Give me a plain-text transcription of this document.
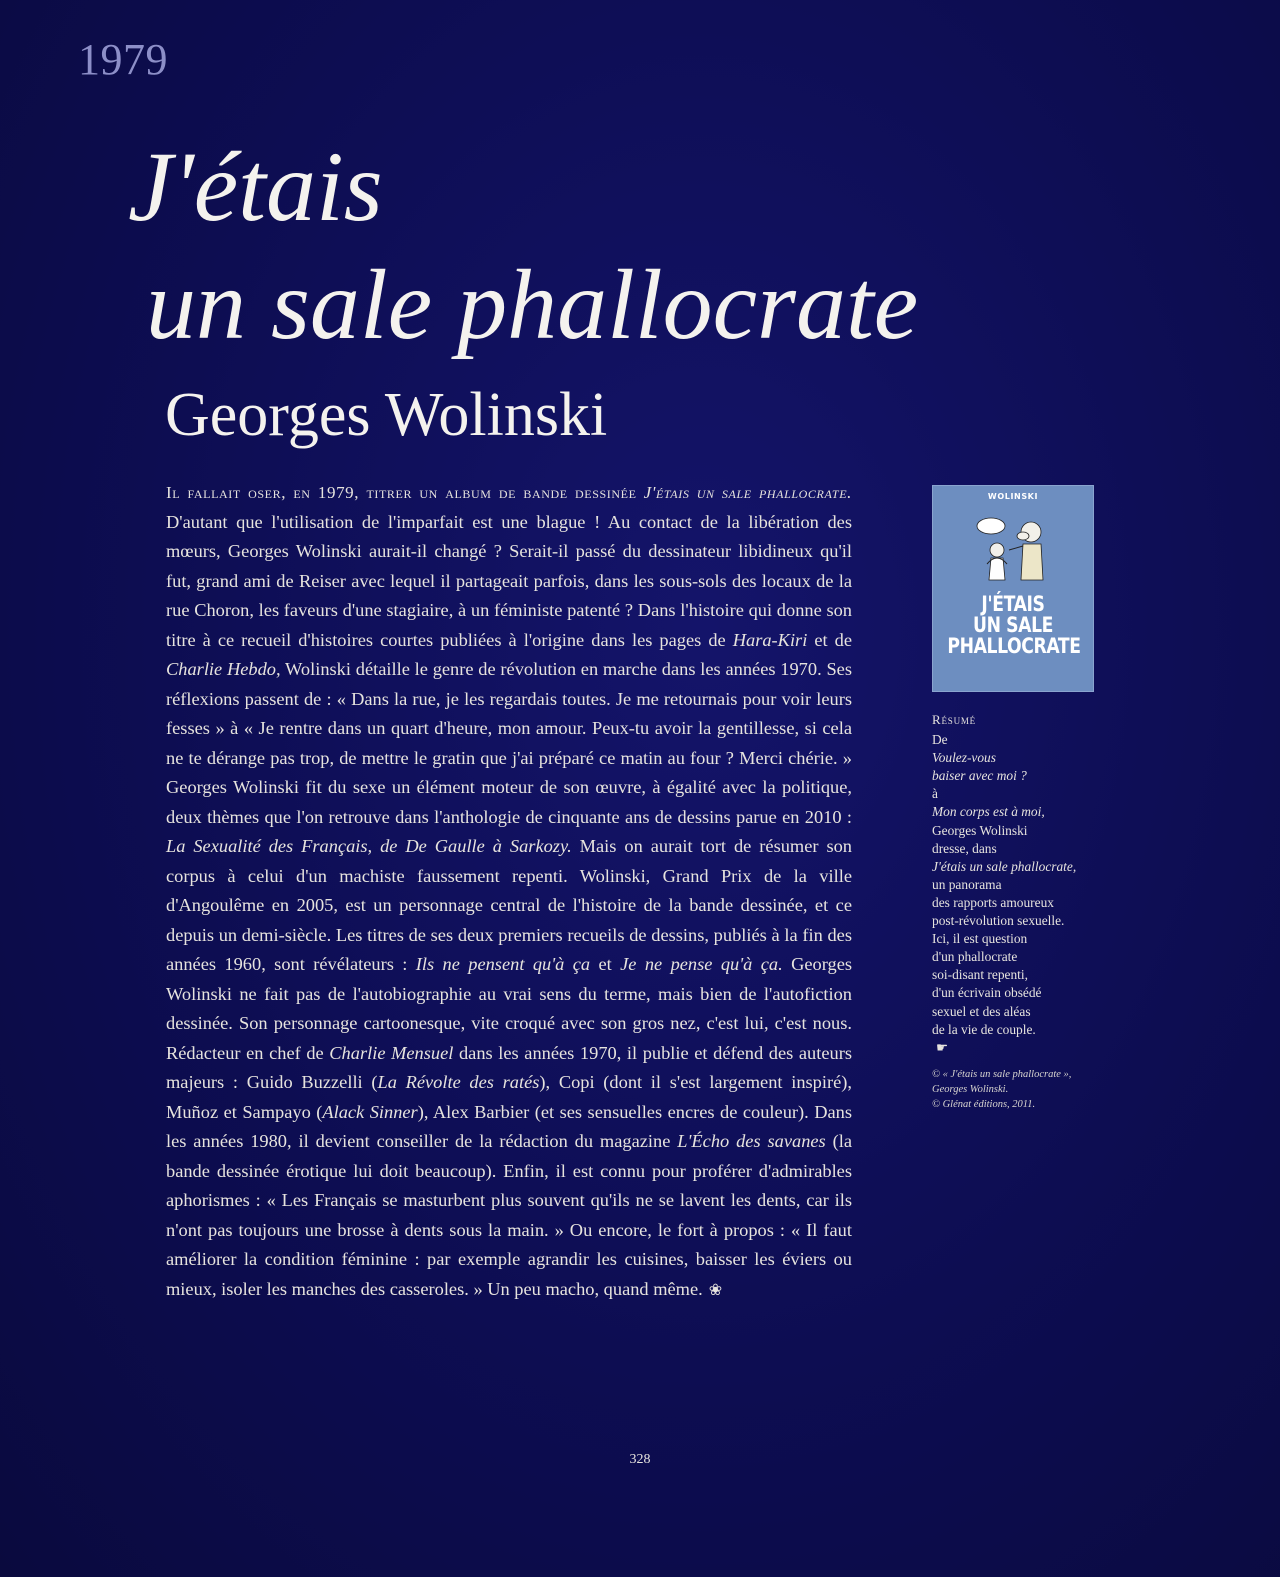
1979
J'étais
un sale phallocrate
Georges Wolinski

Il fallait oser, en 1979, titrer un album de bande dessinée J'étais un sale phallocrate. D'autant que l'utilisation de l'imparfait est une blague ! Au contact de la libération des mœurs, Georges Wolinski aurait-il changé ? Serait-il passé du dessinateur libidineux qu'il fut, grand ami de Reiser avec lequel il partageait parfois, dans les sous-sols des locaux de la rue Choron, les faveurs d'une stagiaire, à un féministe patenté ? Dans l'histoire qui donne son titre à ce recueil d'histoires courtes publiées à l'origine dans les pages de Hara-Kiri et de Charlie Hebdo, Wolinski détaille le genre de révolution en marche dans les années 1970. Ses réflexions passent de : « Dans la rue, je les regardais toutes. Je me retournais pour voir leurs fesses » à « Je rentre dans un quart d'heure, mon amour. Peux-tu avoir la gentillesse, si cela ne te dérange pas trop, de mettre le gratin que j'ai préparé ce matin au four ? Merci chérie. » Georges Wolinski fit du sexe un élément moteur de son œuvre, à égalité avec la politique, deux thèmes que l'on retrouve dans l'anthologie de cinquante ans de dessins parue en 2010 : La Sexualité des Français, de De Gaulle à Sarkozy. Mais on aurait tort de résumer son corpus à celui d'un machiste faussement repenti. Wolinski, Grand Prix de la ville d'Angoulême en 2005, est un personnage central de l'histoire de la bande dessinée, et ce depuis un demi-siècle. Les titres de ses deux premiers recueils de dessins, publiés à la fin des années 1960, sont révélateurs : Ils ne pensent qu'à ça et Je ne pense qu'à ça. Georges Wolinski ne fait pas de l'autobiographie au vrai sens du terme, mais bien de l'autofiction dessinée. Son personnage cartoonesque, vite croqué avec son gros nez, c'est lui, c'est nous. Rédacteur en chef de Charlie Mensuel dans les années 1970, il publie et défend des auteurs majeurs : Guido Buzzelli (La Révolte des ratés), Copi (dont il s'est largement inspiré), Muñoz et Sampayo (Alack Sinner), Alex Barbier (et ses sensuelles encres de couleur). Dans les années 1980, il devient conseiller de la rédaction du magazine L'Écho des savanes (la bande dessinée érotique lui doit beaucoup). Enfin, il est connu pour proférer d'admirables aphorismes : « Les Français se masturbent plus souvent qu'ils ne se lavent les dents, car ils n'ont pas toujours une brosse à dents sous la main. » Ou encore, le fort à propos : « Il faut améliorer la condition féminine : par exemple agrandir les cuisines, baisser les éviers ou mieux, isoler les manches des casseroles. » Un peu macho, quand même. ❀

WOLINSKI
J'ÉTAIS
UN SALE
PHALLOCRATE
Résumé
De
Voulez-vous
baiser avec moi ?
à
Mon corps est à moi,
Georges Wolinski
dresse, dans
J'étais un sale phallocrate,
un panorama
des rapports amoureux
post-révolution sexuelle.
Ici, il est question
d'un phallocrate
soi-disant repenti,
d'un écrivain obsédé
sexuel et des aléas
de la vie de couple.
☛
© « J'étais un sale phallocrate »,
Georges Wolinski.
© Glénat éditions, 2011.
328
